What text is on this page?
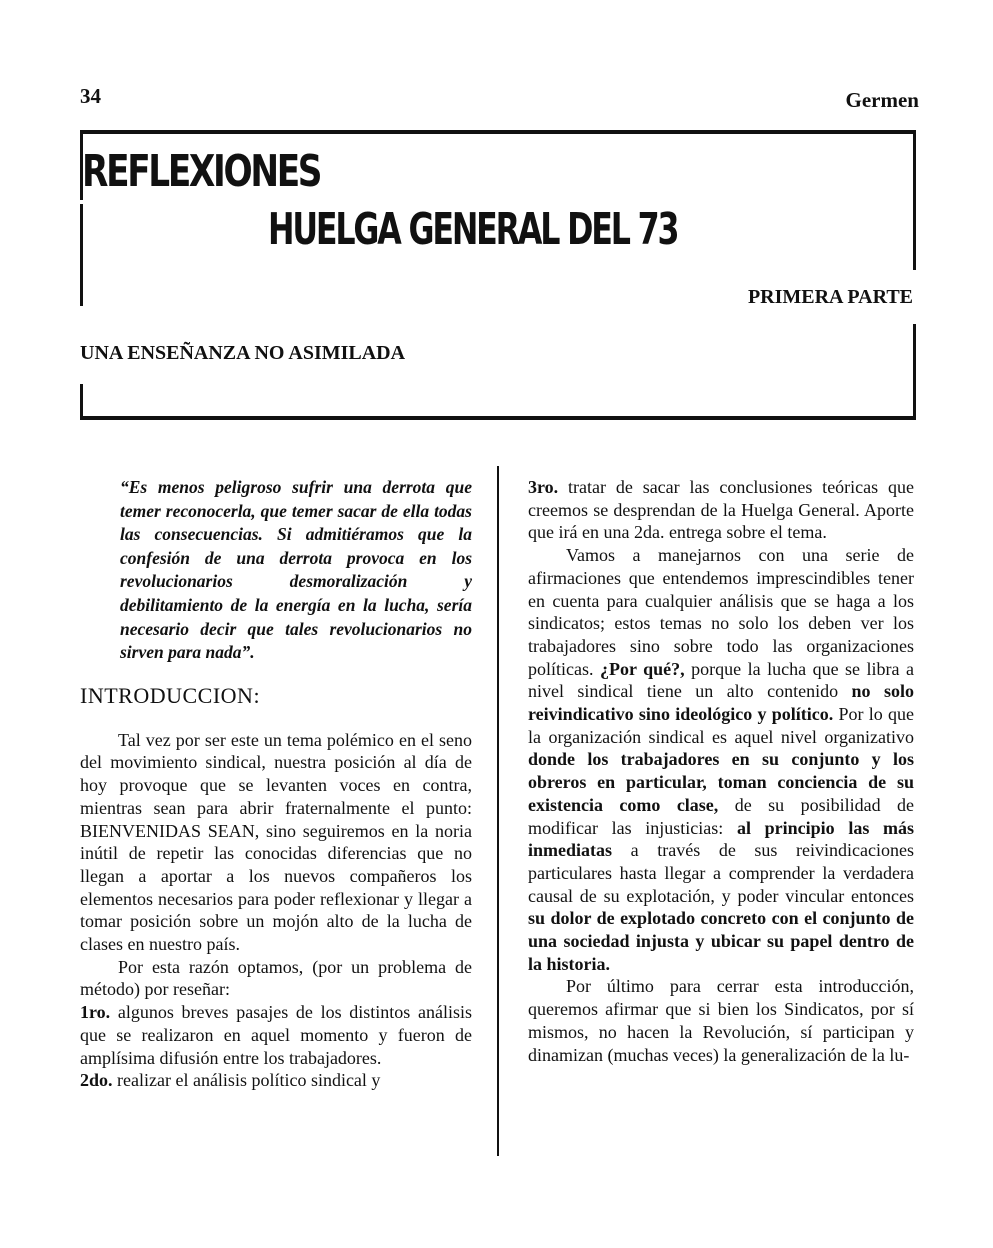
34	Germen
REFLEXIONES
HUELGA GENERAL DEL 73
PRIMERA PARTE
UNA ENSEÑANZA NO ASIMILADA

“Es menos peligroso sufrir una derrota que temer reconocerla, que temer sacar de ella todas las consecuencias. Si admitiéramos que la confesión de una derrota provoca en los revolucionarios desmoralización y debilitamiento de la energía en la lucha, sería necesario decir que tales revolucionarios no sirven para nada”.

INTRODUCCION:

Tal vez por ser este un tema polémico en el seno del movimiento sindical, nuestra posición al día de hoy provoque que se levanten voces en contra, mientras sean para abrir fraternalmente el punto: BIENVENIDAS SEAN, sino seguiremos en la noria inútil de repetir las conocidas diferencias que no llegan a aportar a los nuevos compañeros los elementos necesarios para poder reflexionar y llegar a tomar posición sobre un mojón alto de la lucha de clases en nuestro país.

Por esta razón optamos, (por un problema de método) por reseñar:

1ro. algunos breves pasajes de los distintos análisis que se realizaron en aquel momento y fueron de amplísima difusión entre los trabajadores.

2do. realizar el análisis político sindical y

3ro. tratar de sacar las conclusiones teóricas que creemos se desprendan de la Huelga General. Aporte que irá en una 2da. entrega sobre el tema.

Vamos a manejarnos con una serie de afirmaciones que entendemos imprescindibles tener en cuenta para cualquier análisis que se haga a los sindicatos; estos temas no solo los deben ver los trabajadores sino sobre todo las organizaciones políticas. ¿Por qué?, porque la lucha que se libra a nivel sindical tiene un alto contenido no solo reivindicativo sino ideológico y político. Por lo que la organización sindical es aquel nivel organizativo donde los trabajadores en su conjunto y los obreros en particular, toman conciencia de su existencia como clase, de su posibilidad de modificar las injusticias: al principio las más inmediatas a través de sus reivindicaciones particulares hasta llegar a comprender la verdadera causal de su explotación, y poder vincular entonces su dolor de explotado concreto con el conjunto de una sociedad injusta y ubicar su papel dentro de la historia.

Por último para cerrar esta introducción, queremos afirmar que si bien los Sindicatos, por sí mismos, no hacen la Revolución, sí participan y dinamizan (muchas veces) la generalización de la lu-
